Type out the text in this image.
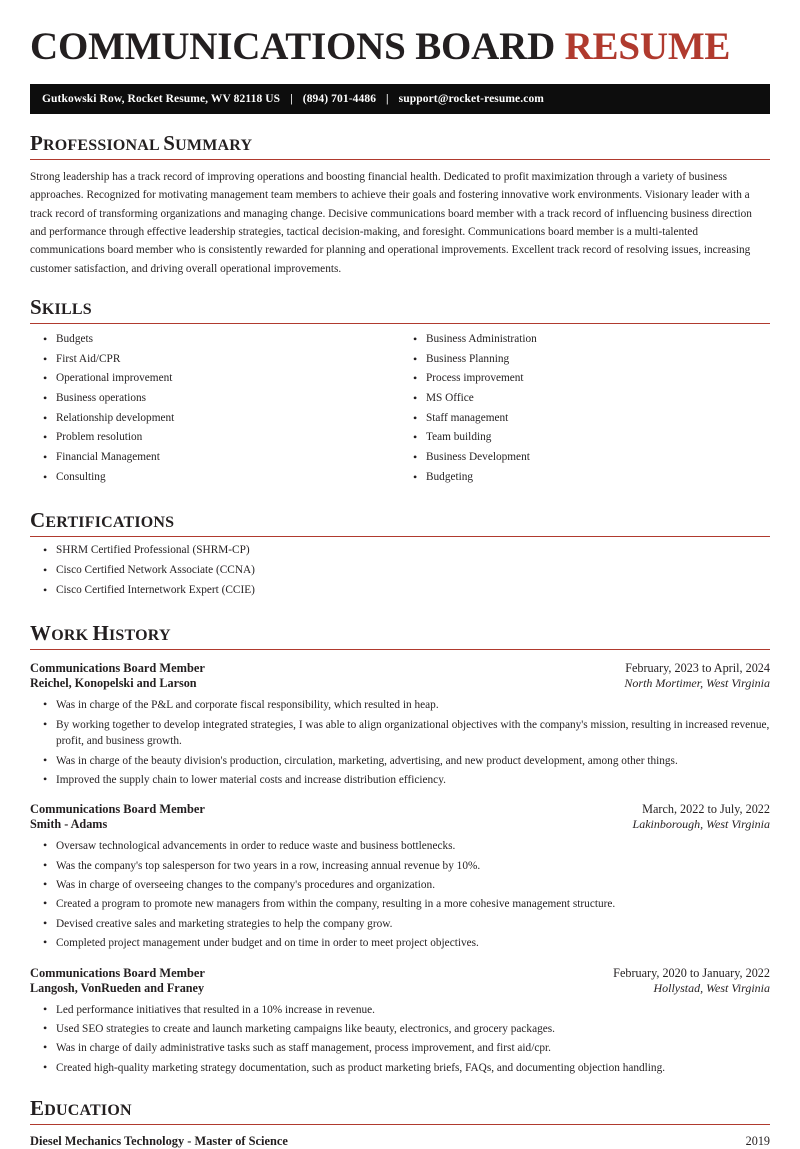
COMMUNICATIONS BOARD RESUME
Gutkowski Row, Rocket Resume, WV 82118 US | (894) 701-4486 | support@rocket-resume.com
PROFESSIONAL SUMMARY

Strong leadership has a track record of improving operations and boosting financial health. Dedicated to profit maximization through a variety of business approaches. Recognized for motivating management team members to achieve their goals and fostering innovative work environments. Visionary leader with a track record of transforming organizations and managing change. Decisive communications board member with a track record of influencing business direction and performance through effective leadership strategies, tactical decision-making, and foresight. Communications board member is a multi-talented communications board member who is consistently rewarded for planning and operational improvements. Excellent track record of resolving issues, increasing customer satisfaction, and driving overall operational improvements.

SKILLS
• Budgets
• First Aid/CPR
• Operational improvement
• Business operations
• Relationship development
• Problem resolution
• Financial Management
• Consulting
• Business Administration
• Business Planning
• Process improvement
• MS Office
• Staff management
• Team building
• Business Development
• Budgeting
CERTIFICATIONS
• SHRM Certified Professional (SHRM-CP)
• Cisco Certified Network Associate (CCNA)
• Cisco Certified Internetwork Expert (CCIE)
WORK HISTORY
Communications Board Member	February, 2023 to April, 2024
Reichel, Konopelski and Larson	North Mortimer, West Virginia
• Was in charge of the P&L and corporate fiscal responsibility, which resulted in heap.
• By working together to develop integrated strategies, I was able to align organizational objectives with the company's mission, resulting in increased revenue, profit, and business growth.
• Was in charge of the beauty division's production, circulation, marketing, advertising, and new product development, among other things.
• Improved the supply chain to lower material costs and increase distribution efficiency.
Communications Board Member	March, 2022 to July, 2022
Smith - Adams	Lakinborough, West Virginia
• Oversaw technological advancements in order to reduce waste and business bottlenecks.
• Was the company's top salesperson for two years in a row, increasing annual revenue by 10%.
• Was in charge of overseeing changes to the company's procedures and organization.
• Created a program to promote new managers from within the company, resulting in a more cohesive management structure.
• Devised creative sales and marketing strategies to help the company grow.
• Completed project management under budget and on time in order to meet project objectives.
Communications Board Member	February, 2020 to January, 2022
Langosh, VonRueden and Franey	Hollystad, West Virginia
• Led performance initiatives that resulted in a 10% increase in revenue.
• Used SEO strategies to create and launch marketing campaigns like beauty, electronics, and grocery packages.
• Was in charge of daily administrative tasks such as staff management, process improvement, and first aid/cpr.
• Created high-quality marketing strategy documentation, such as product marketing briefs, FAQs, and documenting objection handling.
EDUCATION
Diesel Mechanics Technology - Master of Science	2019
